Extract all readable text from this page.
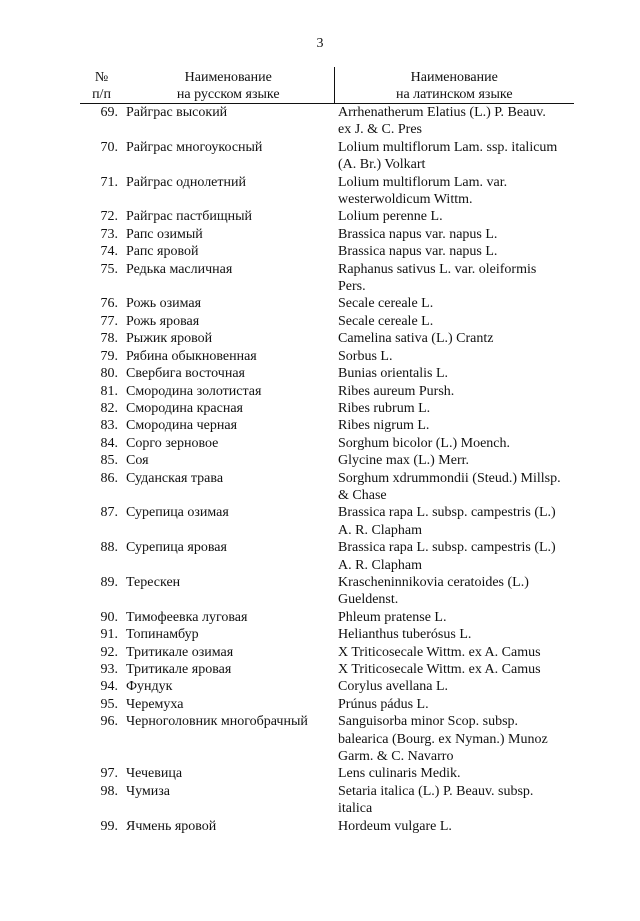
3
№	Наименование	Наименование
п/п	на русском языке	на латинском языке
69.	Райграс высокий	Arrhenatherum Elatius (L.) P. Beauv.
ex J. & C. Pres

70.	Райграс многоукосный	Lolium multiflorum Lam. ssp. italicum
(A. Br.) Volkart

71.	Райграс однолетний	Lolium multiflorum Lam. var.
westerwoldicum Wittm.

72.	Райграс пастбищный	Lolium perenne L.

73.	Рапс озимый	Brassica napus var. napus L.

74.	Рапс яровой	Brassica napus var. napus L.

75.	Редька масличная	Raphanus sativus L. var. oleiformis
Pers.

76.	Рожь озимая	Secale cereale L.

77.	Рожь яровая	Secale cereale L.

78.	Рыжик яровой	Camelina sativa (L.) Crantz

79.	Рябина обыкновенная	Sorbus L.

80.	Свербига восточная	Bunias orientalis L.

81.	Смородина золотистая	Ribes aureum Pursh.

82.	Смородина красная	Ribes rubrum L.

83.	Смородина черная	Ribes nigrum L.

84.	Сорго зерновое	Sorghum bicolor (L.) Moench.

85.	Соя	Glycine max (L.) Merr.

86.	Суданская трава	Sorghum xdrummondii (Steud.) Millsp.
& Chase

87.	Сурепица озимая	Brassica rapa L. subsp. campestris (L.)
A. R. Clapham

88.	Сурепица яровая	Brassica rapa L. subsp. campestris (L.)
A. R. Clapham

89.	Терескен	Krascheninnikovia ceratoides (L.)
Gueldenst.

90.	Тимофеевка луговая	Phleum pratense L.

91.	Топинамбур	Helianthus tuberósus L.

92.	Тритикале озимая	X Triticosecale Wittm. ex A. Camus

93.	Тритикале яровая	X Triticosecale Wittm. ex A. Camus

94.	Фундук	Corylus avellana L.

95.	Черемуха	Prúnus pádus L.

96.	Черноголовник многобрачный	Sanguisorba minor Scop. subsp.
balearica (Bourg. ex Nyman.) Munoz
Garm. & C. Navarro

97.	Чечевица	Lens culinaris Medik.

98.	Чумиза	Setaria italica (L.) P. Beauv. subsp.
italica

99.	Ячмень яровой	Hordeum vulgare L.
